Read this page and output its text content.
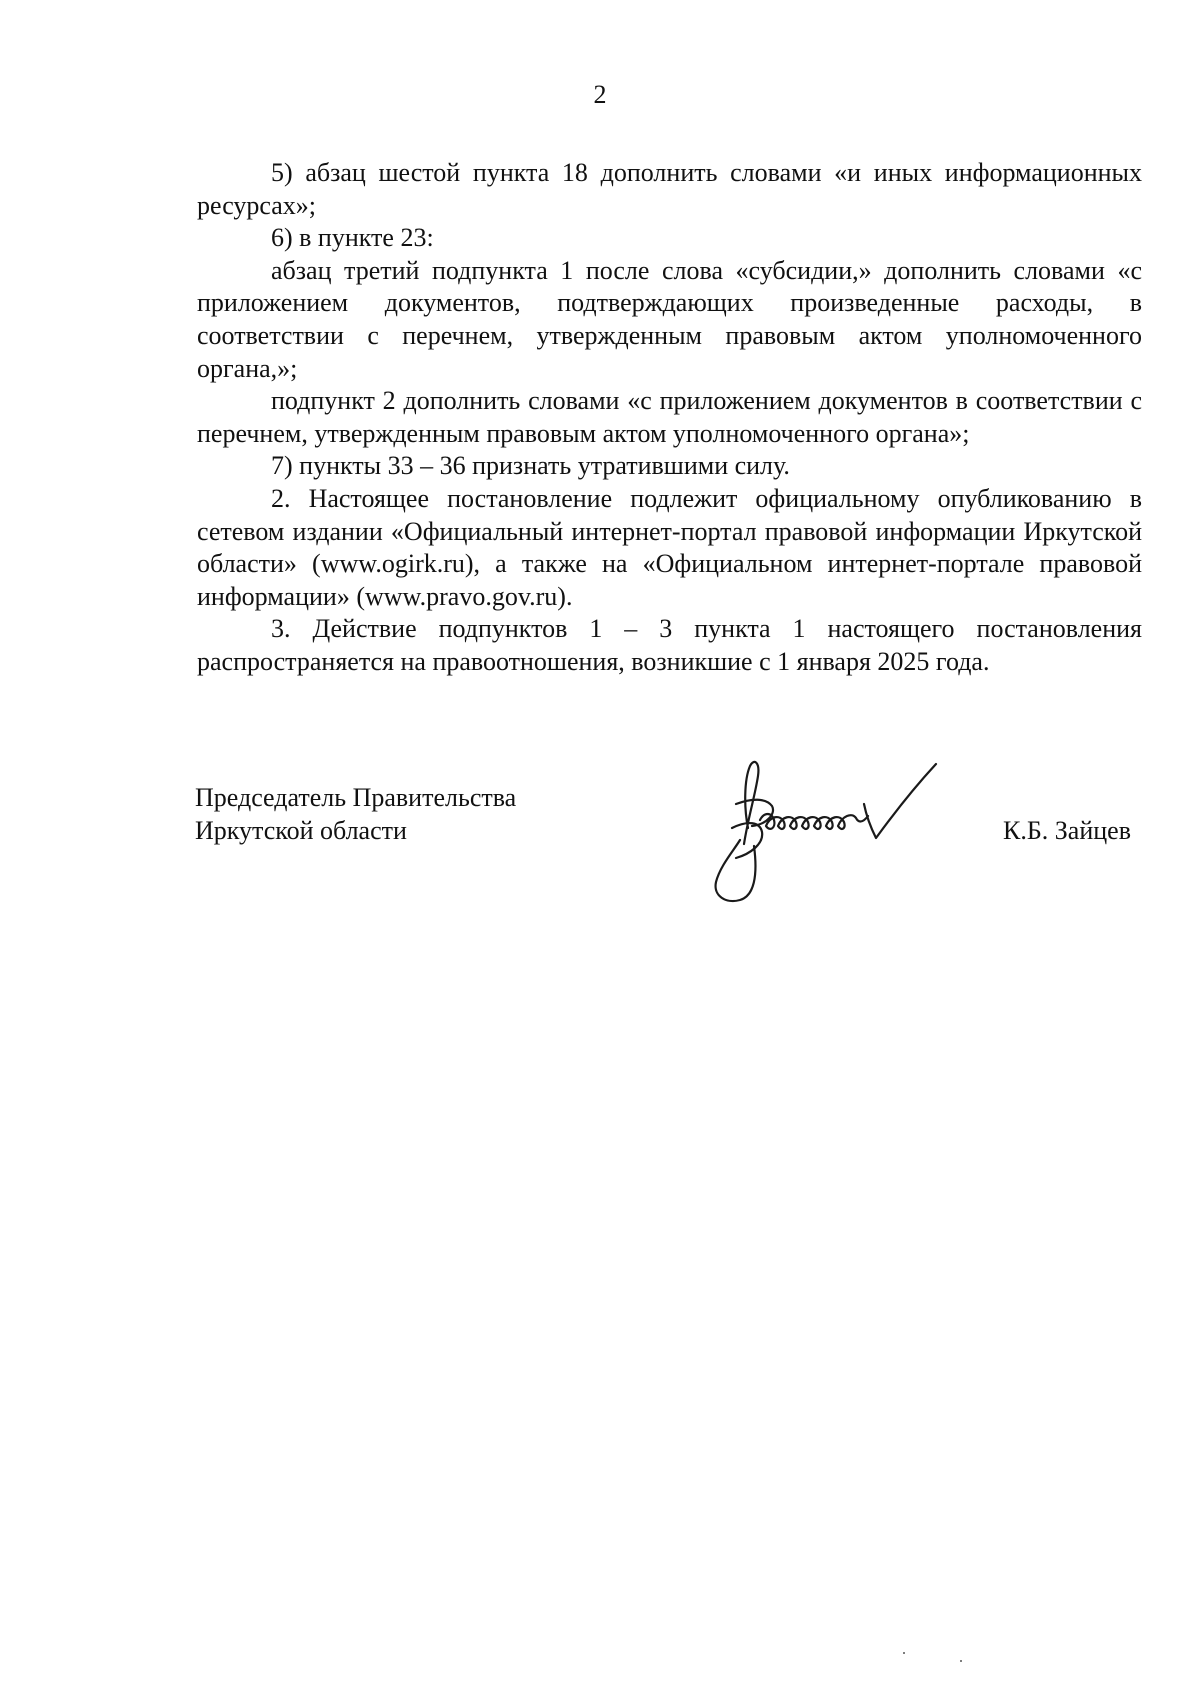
2

5) абзац шестой пункта 18 дополнить словами «и иных информационных ресурсах»;

6) в пункте 23:

абзац третий подпункта 1 после слова «субсидии,» дополнить словами «с приложением документов, подтверждающих произведенные расходы, в соответствии с перечнем, утвержденным правовым актом уполномоченного органа,»;

подпункт 2 дополнить словами «с приложением документов в соответствии с перечнем, утвержденным правовым актом уполномоченного органа»;

7) пункты 33 – 36 признать утратившими силу.

2. Настоящее постановление подлежит официальному опубликованию в сетевом издании «Официальный интернет-портал правовой информации Иркутской области» (www.ogirk.ru), а также на «Официальном интернет-портале правовой информации» (www.pravo.gov.ru).

3. Действие подпунктов 1 – 3 пункта 1 настоящего постановления распространяется на правоотношения, возникшие с 1 января 2025 года.

Председатель Правительства
Иркутской области	К.Б. Зайцев
